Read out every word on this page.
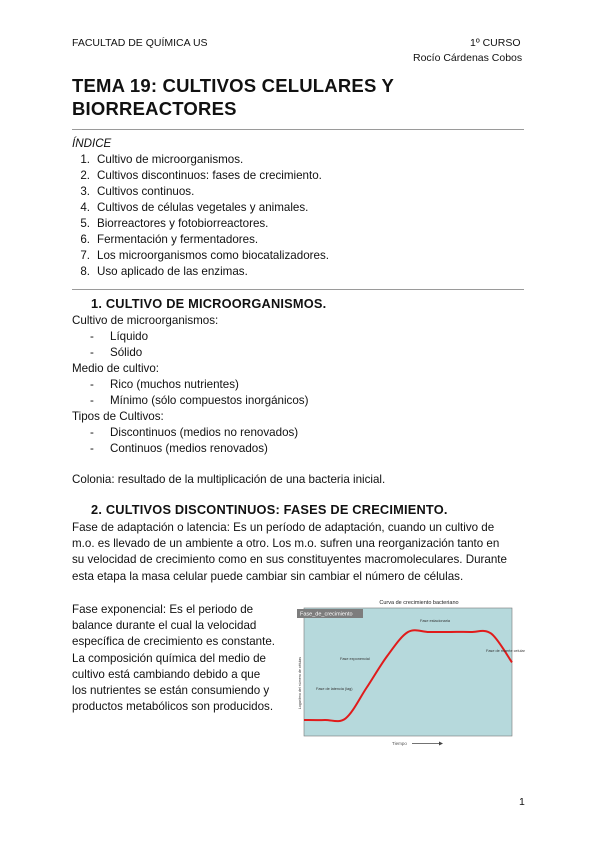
FACULTAD DE QUÍMICA US	1º CURSO
Rocío Cárdenas Cobos
TEMA 19: CULTIVOS CELULARES Y BIORREACTORES
ÍNDICE
1. Cultivo de microorganismos.
2. Cultivos discontinuos: fases de crecimiento.
3. Cultivos continuos.
4. Cultivos de células vegetales y animales.
5. Biorreactores y fotobiorreactores.
6. Fermentación y fermentadores.
7. Los microorganismos como biocatalizadores.
8. Uso aplicado de las enzimas.
1. CULTIVO DE MICROORGANISMOS.
Cultivo de microorganismos:
- Líquido
- Sólido
Medio de cultivo:
- Rico (muchos nutrientes)
- Mínimo (sólo compuestos inorgánicos)
Tipos de Cultivos:
- Discontinuos (medios no renovados)
- Continuos (medios renovados)
Colonia: resultado de la multiplicación de una bacteria inicial.
2. CULTIVOS DISCONTINUOS: FASES DE CRECIMIENTO.
Fase de adaptación o latencia: Es un período de adaptación, cuando un cultivo de
m.o. es llevado de un ambiente a otro. Los m.o. sufren una reorganización tanto en
su velocidad de crecimiento como en sus constituyentes macromoleculares. Durante
esta etapa la masa celular puede cambiar sin cambiar el número de células.
Fase exponencial: Es el periodo de
balance durante el cual la velocidad
específica de crecimiento es constante.
La composición química del medio de
cultivo está cambiando debido a que
los nutrientes se están consumiendo y
productos metabólicos son producidos.
Curva de crecimiento bacteriano
Fase_de_crecimiento
Logaritmo del número de células	Fase de latencia (lag)
Fase exponencial
Fase estacionaria
Fase de muerte celular
Tiempo
1
